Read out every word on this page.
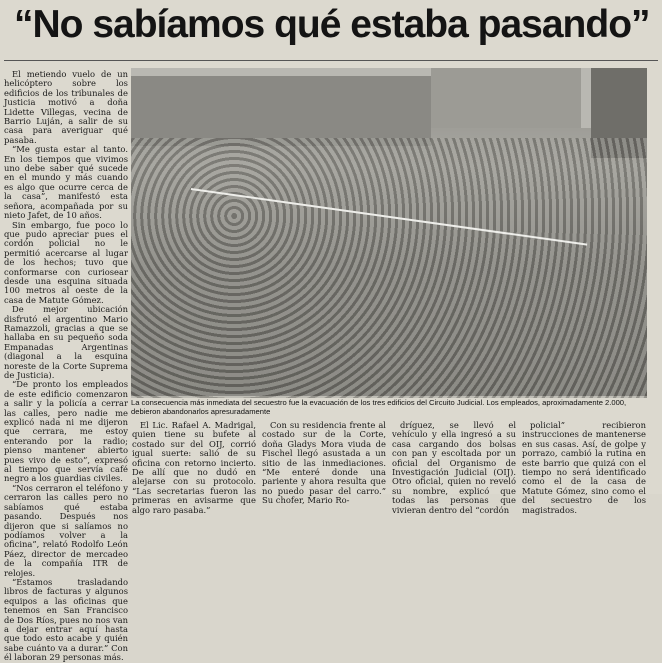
“No sabíamos qué estaba pasando”

El metiendo vuelo de un helicóptero sobre los edificios de los tribunales de Justicia motivó a doña Lidette Villegas, vecina de Barrio Luján, a salir de su casa para averiguar qué pasaba.

“Me gusta estar al tanto. En los tiempos que vivimos uno debe saber qué sucede en el mundo y más cuando es algo que ocurre cerca de la casa”, manifestó esta señora, acompañada por su nieto Jafet, de 10 años.

Sin embargo, fue poco lo que pudo apreciar pues el cordón policial no le permitió acercarse al lugar de los hechos; tuvo que conformarse con curiosear desde una esquina situada 100 metros al oeste de la casa de Matute Gómez.

De mejor ubicación disfrutó el argentino Mario Ramazzoli, gracias a que se hallaba en su pequeño soda Empanadas Argentinas (diagonal a la esquina noreste de la Corte Suprema de Justicia).

“De pronto los empleados de este edificio comenzaron a salir y la policía a cerrar las calles, pero nadie me explicó nada ni me dijeron que cerrara, me estoy enterando por la radio; pienso mantener abierto pues vivo de esto”, expresó al tiempo que servía café negro a los guardias civiles.

“Nos cerraron el teléfono y cerraron las calles pero no sabíamos qué estaba pasando. Después nos dijeron que si salíamos no podíamos volver a la oficina”, relató Rodolfo León Páez, director de mercadeo de la compañía ITR de relojes.

“Estamos trasladando libros de facturas y algunos equipos a las oficinas que tenemos en San Francisco de Dos Ríos, pues no nos van a dejar entrar aquí hasta que todo esto acabe y quién sabe cuánto va a durar.” Con él laboran 29 personas más.

La consecuencia más inmediata del secuestro fue la evacuación de los tres edificios del Circuito Judicial. Los empleados, aproximadamente 2.000, debieron abandonarlos apresuradamente

El Lic. Rafael A. Madrigal, quien tiene su bufete al costado sur del OIJ, corrió igual suerte: salió de su oficina con retorno incierto. De allí que no dudó en alejarse con su protocolo. “Las secretarias fueron las primeras en avisarme que algo raro pasaba.”

Con su residencia frente al costado sur de la Corte, doña Gladys Mora viuda de Fischel llegó asustada a un sitio de las inmediaciones. “Me enteré donde una pariente y ahora resulta que no puedo pasar del carro.” Su chofer, Mario Ro-

dríguez, se llevó el vehículo y ella ingresó a su casa cargando dos bolsas con pan y escoltada por un oficial del Organismo de Investigación Judicial (OIJ). Otro oficial, quien no reveló su nombre, explicó que todas las personas que vivieran dentro del “cordón

policial” recibieron instrucciones de mantenerse en sus casas. Así, de golpe y porrazo, cambió la rutina en este barrio que quizá con el tiempo no será identificado como el de la casa de Matute Gómez, sino como el del secuestro de los magistrados.
